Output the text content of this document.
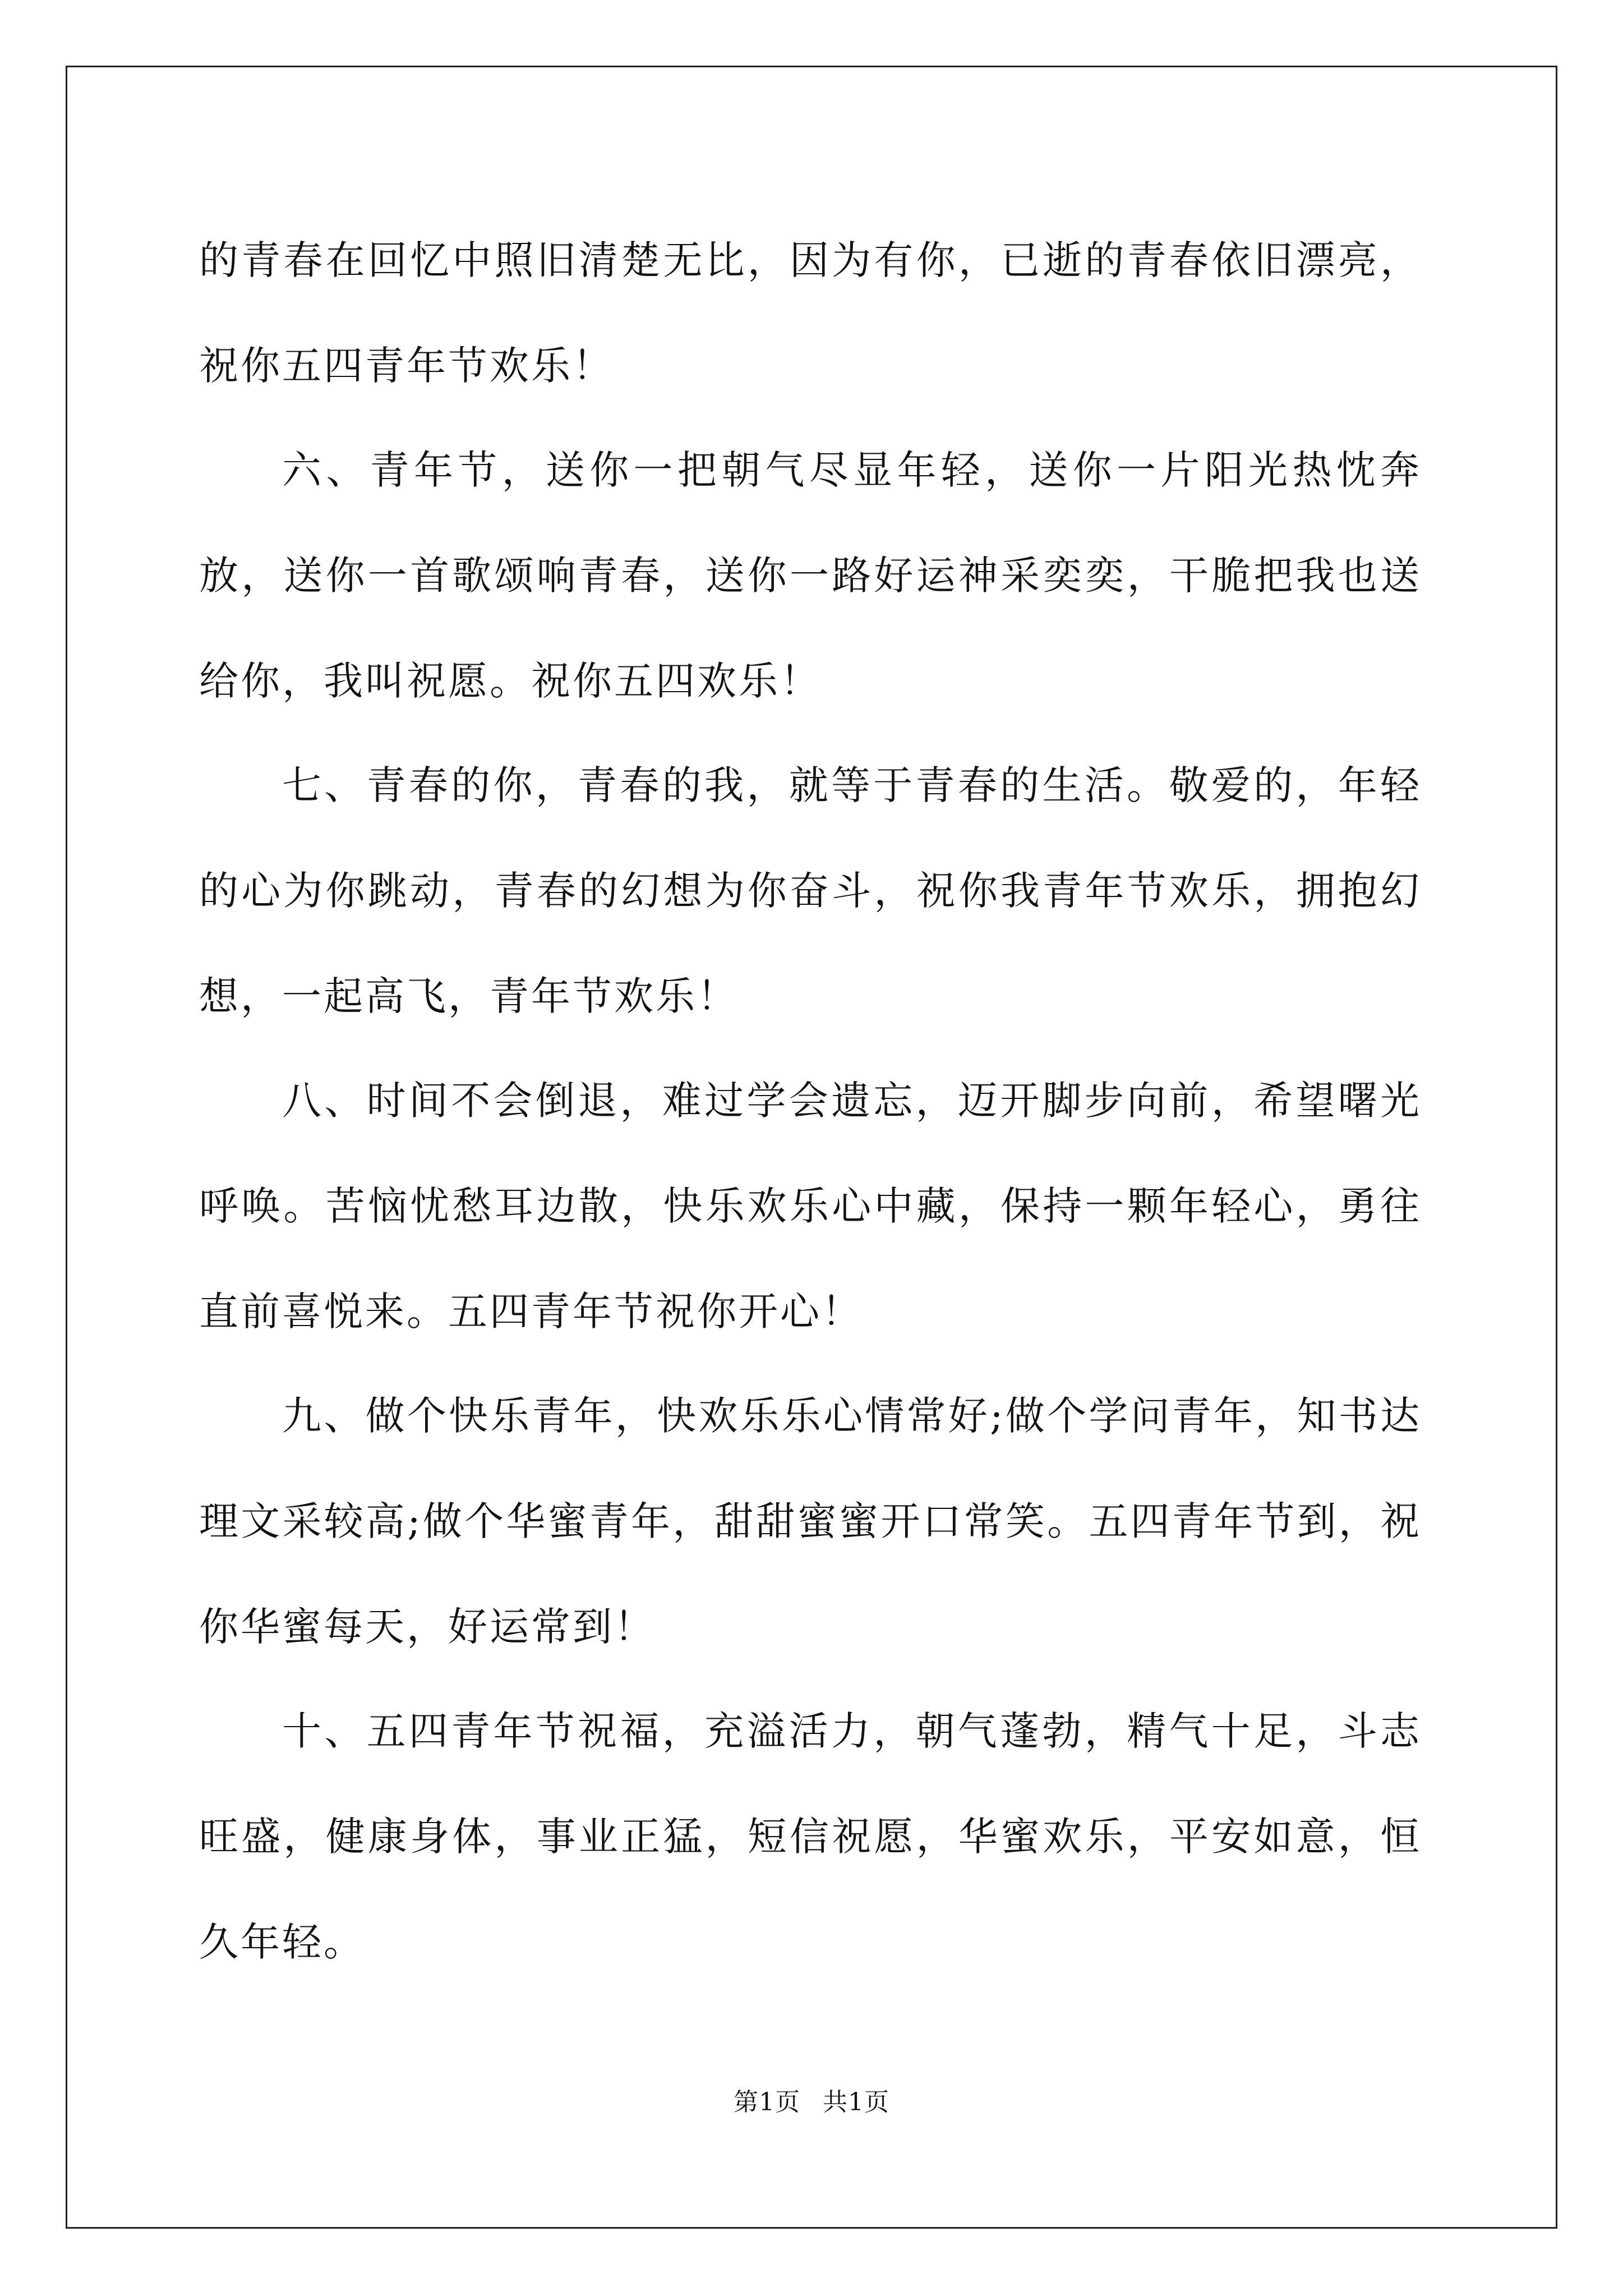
的青春在回忆中照旧清楚无比，因为有你，已逝的青春依旧漂亮，祝你五四青年节欢乐！

六、青年节，送你一把朝气尽显年轻，送你一片阳光热忱奔放，送你一首歌颂响青春，送你一路好运神采奕奕，干脆把我也送给你，我叫祝愿。祝你五四欢乐！

七、青春的你，青春的我，就等于青春的生活。敬爱的，年轻的心为你跳动，青春的幻想为你奋斗，祝你我青年节欢乐，拥抱幻想，一起高飞，青年节欢乐！

八、时间不会倒退，难过学会遗忘，迈开脚步向前，希望曙光呼唤。苦恼忧愁耳边散，快乐欢乐心中藏，保持一颗年轻心，勇往直前喜悦来。五四青年节祝你开心！

九、做个快乐青年，快欢乐乐心情常好;做个学问青年，知书达理文采较高;做个华蜜青年，甜甜蜜蜜开口常笑。五四青年节到，祝你华蜜每天，好运常到！

十、五四青年节祝福，充溢活力，朝气蓬勃，精气十足，斗志旺盛，健康身体，事业正猛，短信祝愿，华蜜欢乐，平安如意，恒久年轻。

第1页 共1页
